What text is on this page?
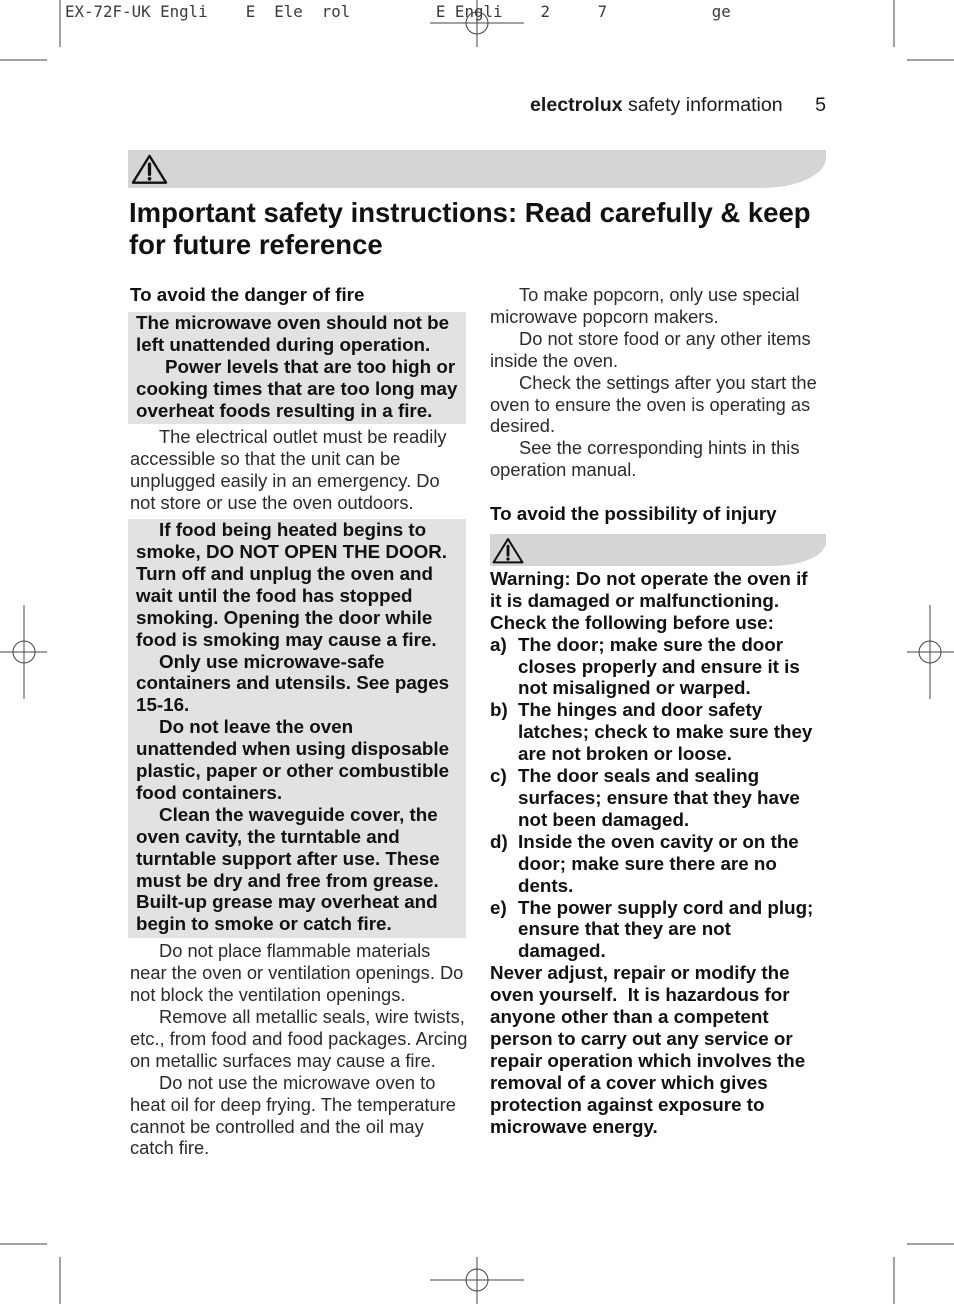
EX-72F-UK Engli    E  Ele  rol         E Engli    2     7           ge
electrolux safety information 5
Important safety instructions: Read carefully & keep
for future reference

To avoid the danger of fire

The microwave oven should not be
left unattended during operation.

Power levels that are too high or
cooking times that are too long may
overheat foods resulting in a fire.

The electrical outlet must be readily
accessible so that the unit can be
unplugged easily in an emergency. Do
not store or use the oven outdoors.

If food being heated begins to
smoke, DO NOT OPEN THE DOOR.
Turn off and unplug the oven and
wait until the food has stopped
smoking. Opening the door while
food is smoking may cause a fire.

Only use microwave-safe
containers and utensils. See pages
15-16.

Do not leave the oven
unattended when using disposable
plastic, paper or other combustible
food containers.

Clean the waveguide cover, the
oven cavity, the turntable and
turntable support after use. These
must be dry and free from grease.
Built-up grease may overheat and
begin to smoke or catch fire.

Do not place flammable materials
near the oven or ventilation openings. Do
not block the ventilation openings.

Remove all metallic seals, wire twists,
etc., from food and food packages. Arcing
on metallic surfaces may cause a fire.

Do not use the microwave oven to
heat oil for deep frying. The temperature
cannot be controlled and the oil may
catch fire.

To make popcorn, only use special
microwave popcorn makers.

Do not store food or any other items
inside the oven.

Check the settings after you start the
oven to ensure the oven is operating as
desired.

See the corresponding hints in this
operation manual.

To avoid the possibility of injury

Warning: Do not operate the oven if
it is damaged or malfunctioning.
Check the following before use:

a) The door; make sure the door
closes properly and ensure it is
not misaligned or warped.
b) The hinges and door safety
latches; check to make sure they
are not broken or loose.
c) The door seals and sealing
surfaces; ensure that they have
not been damaged.
d) Inside the oven cavity or on the
door; make sure there are no
dents.
e) The power supply cord and plug;
ensure that they are not
damaged.

Never adjust, repair or modify the
oven yourself.  It is hazardous for
anyone other than a competent
person to carry out any service or
repair operation which involves the
removal of a cover which gives
protection against exposure to
microwave energy.
